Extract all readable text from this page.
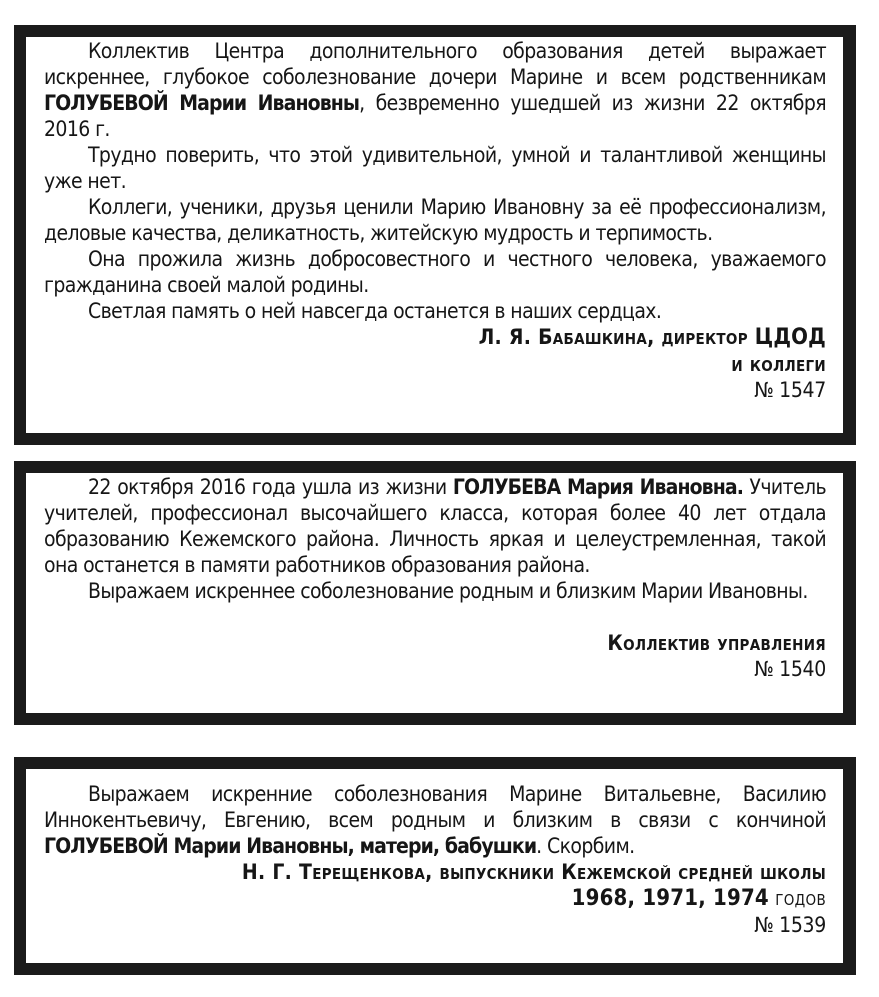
Коллектив Центра дополнительного образования детей выражает искреннее, глубокое соболезнование дочери Марине и всем родственникам ГОЛУБЕВОЙ Марии Ивановны, безвременно ушедшей из жизни 22 октября 2016 г.

Трудно поверить, что этой удивительной, умной и талантливой женщины уже нет.

Коллеги, ученики, друзья ценили Марию Ивановну за её профессионализм, деловые качества, деликатность, житейскую мудрость и терпимость.

Она прожила жизнь добросовестного и честного человека, уважаемого гражданина своей малой родины.

Светлая память о ней навсегда останется в наших сердцах.

Л. Я. Бабашкина, директор ЦДОД
и коллеги
№ 1547

22 октября 2016 года ушла из жизни ГОЛУБЕВА Мария Ивановна. Учитель учителей, профессионал высочайшего класса, которая более 40 лет отдала образованию Кежемского района. Личность яркая и целеустремленная, такой она останется в памяти работников образования района.

Выражаем искреннее соболезнование родным и близким Марии Ивановны.

Коллектив управления
№ 1540

Выражаем искренние соболезнования Марине Витальевне, Василию Иннокентьевичу, Евгению, всем родным и близким в связи с кончиной ГОЛУБЕВОЙ Марии Ивановны, матери, бабушки. Скорбим.

Н. Г. Терещенкова, выпускники Кежемской средней школы
1968, 1971, 1974 годов
№ 1539
